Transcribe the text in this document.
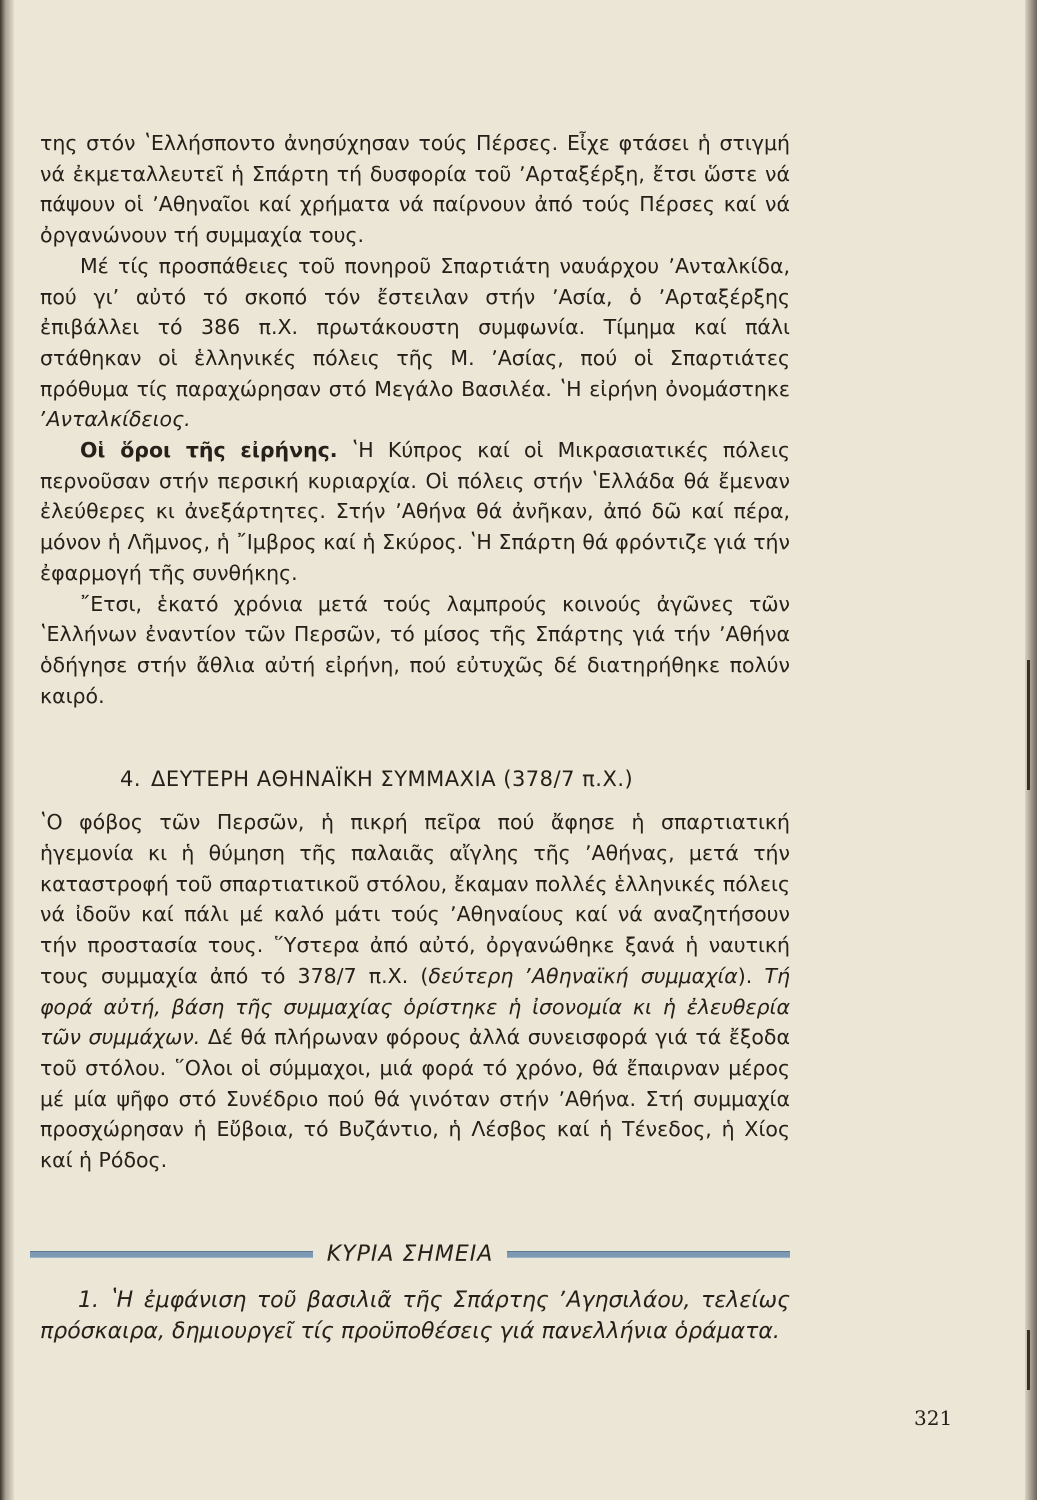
της στόν ʽΕλλήσποντο ἀνησύχησαν τούς Πέρσες. Εἶχε φτάσει ἡ στιγμή νά ἐκμεταλλευτεῖ ἡ Σπάρτη τή δυσφορία τοῦ ʼΑρταξέρξη, ἔτσι ὥστε νά πάψουν οἱ ʼΑθηναῖοι καί χρήματα νά παίρνουν ἀπό τούς Πέρσες καί νά ὀργανώνουν τή συμμαχία τους.

Μέ τίς προσπάθειες τοῦ πονηροῦ Σπαρτιάτη ναυάρχου ʼΑνταλκίδα, πού γι’ αὐτό τό σκοπό τόν ἔστειλαν στήν ʼΑσία, ὁ ʼΑρταξέρξης ἐπιβάλλει τό 386 π.Χ. πρωτάκουστη συμφωνία. Τίμημα καί πάλι στάθηκαν οἱ ἑλληνικές πόλεις τῆς Μ. ʼΑσίας, πού οἱ Σπαρτιάτες πρόθυμα τίς παραχώρησαν στό Μεγάλο Βασιλέα. ʽΗ εἰρήνη ὀνομάστηκε ʼΑνταλκίδειος.

Οἱ ὅροι τῆς εἰρήνης. ʽΗ Κύπρος καί οἱ Μικρασιατικές πόλεις περνοῦσαν στήν περσική κυριαρχία. Οἱ πόλεις στήν ʽΕλλάδα θά ἔμεναν ἐλεύθερες κι ἀνεξάρτητες. Στήν ʼΑθήνα θά ἀνῆκαν, ἀπό δῶ καί πέρα, μόνον ἡ Λῆμνος, ἡ ῎Ιμβρος καί ἡ Σκύρος. ʽΗ Σπάρτη θά φρόντιζε γιά τήν ἐφαρμογή τῆς συνθήκης.

῎Ετσι, ἑκατό χρόνια μετά τούς λαμπρούς κοινούς ἀγῶνες τῶν ʽΕλλήνων ἐναντίον τῶν Περσῶν, τό μίσος τῆς Σπάρτης γιά τήν ʼΑθήνα ὁδήγησε στήν ἄθλια αὐτή εἰρήνη, πού εὐτυχῶς δέ διατηρήθηκε πολύν καιρό.

4. ΔΕΥΤΕΡΗ ΑΘΗΝΑΪΚΗ ΣΥΜΜΑΧΙΑ (378/7 π.Χ.)

ʽΟ φόβος τῶν Περσῶν, ἡ πικρή πεῖρα πού ἄφησε ἡ σπαρτιατική ἡγεμονία κι ἡ θύμηση τῆς παλαιᾶς αἴγλης τῆς ʼΑθήνας, μετά τήν καταστροφή τοῦ σπαρτιατικοῦ στόλου, ἔκαμαν πολλές ἑλληνικές πόλεις νά ἰδοῦν καί πάλι μέ καλό μάτι τούς ʼΑθηναίους καί νά αναζητήσουν τήν προστασία τους. ῞Υστερα ἀπό αὐτό, ὀργανώθηκε ξανά ἡ ναυτική τους συμμαχία ἀπό τό 378/7 π.Χ. (δεύτερη ʼΑθηναϊκή συμμαχία). Τή φορά αὐτή, βάση τῆς συμμαχίας ὁρίστηκε ἡ ἰσονομία κι ἡ ἐλευθερία τῶν συμμάχων. Δέ θά πλήρωναν φόρους ἀλλά συνεισφορά γιά τά ἔξοδα τοῦ στόλου. ῞Ολοι οἱ σύμμαχοι, μιά φορά τό χρόνο, θά ἔπαιρναν μέρος μέ μία ψῆφο στό Συνέδριο πού θά γινόταν στήν ʼΑθήνα. Στή συμμαχία προσχώρησαν ἡ Εὔβοια, τό Βυζάντιο, ἡ Λέσβος καί ἡ Τένεδος, ἡ Χίος καί ἡ Ρόδος.

ΚΥΡΙΑ ΣΗΜΕΙΑ

1. ʽΗ ἐμφάνιση τοῦ βασιλιᾶ τῆς Σπάρτης ʼΑγησιλάου, τελείως πρόσκαιρα, δημιουργεῖ τίς προϋποθέσεις γιά πανελλήνια ὁράματα.

321
